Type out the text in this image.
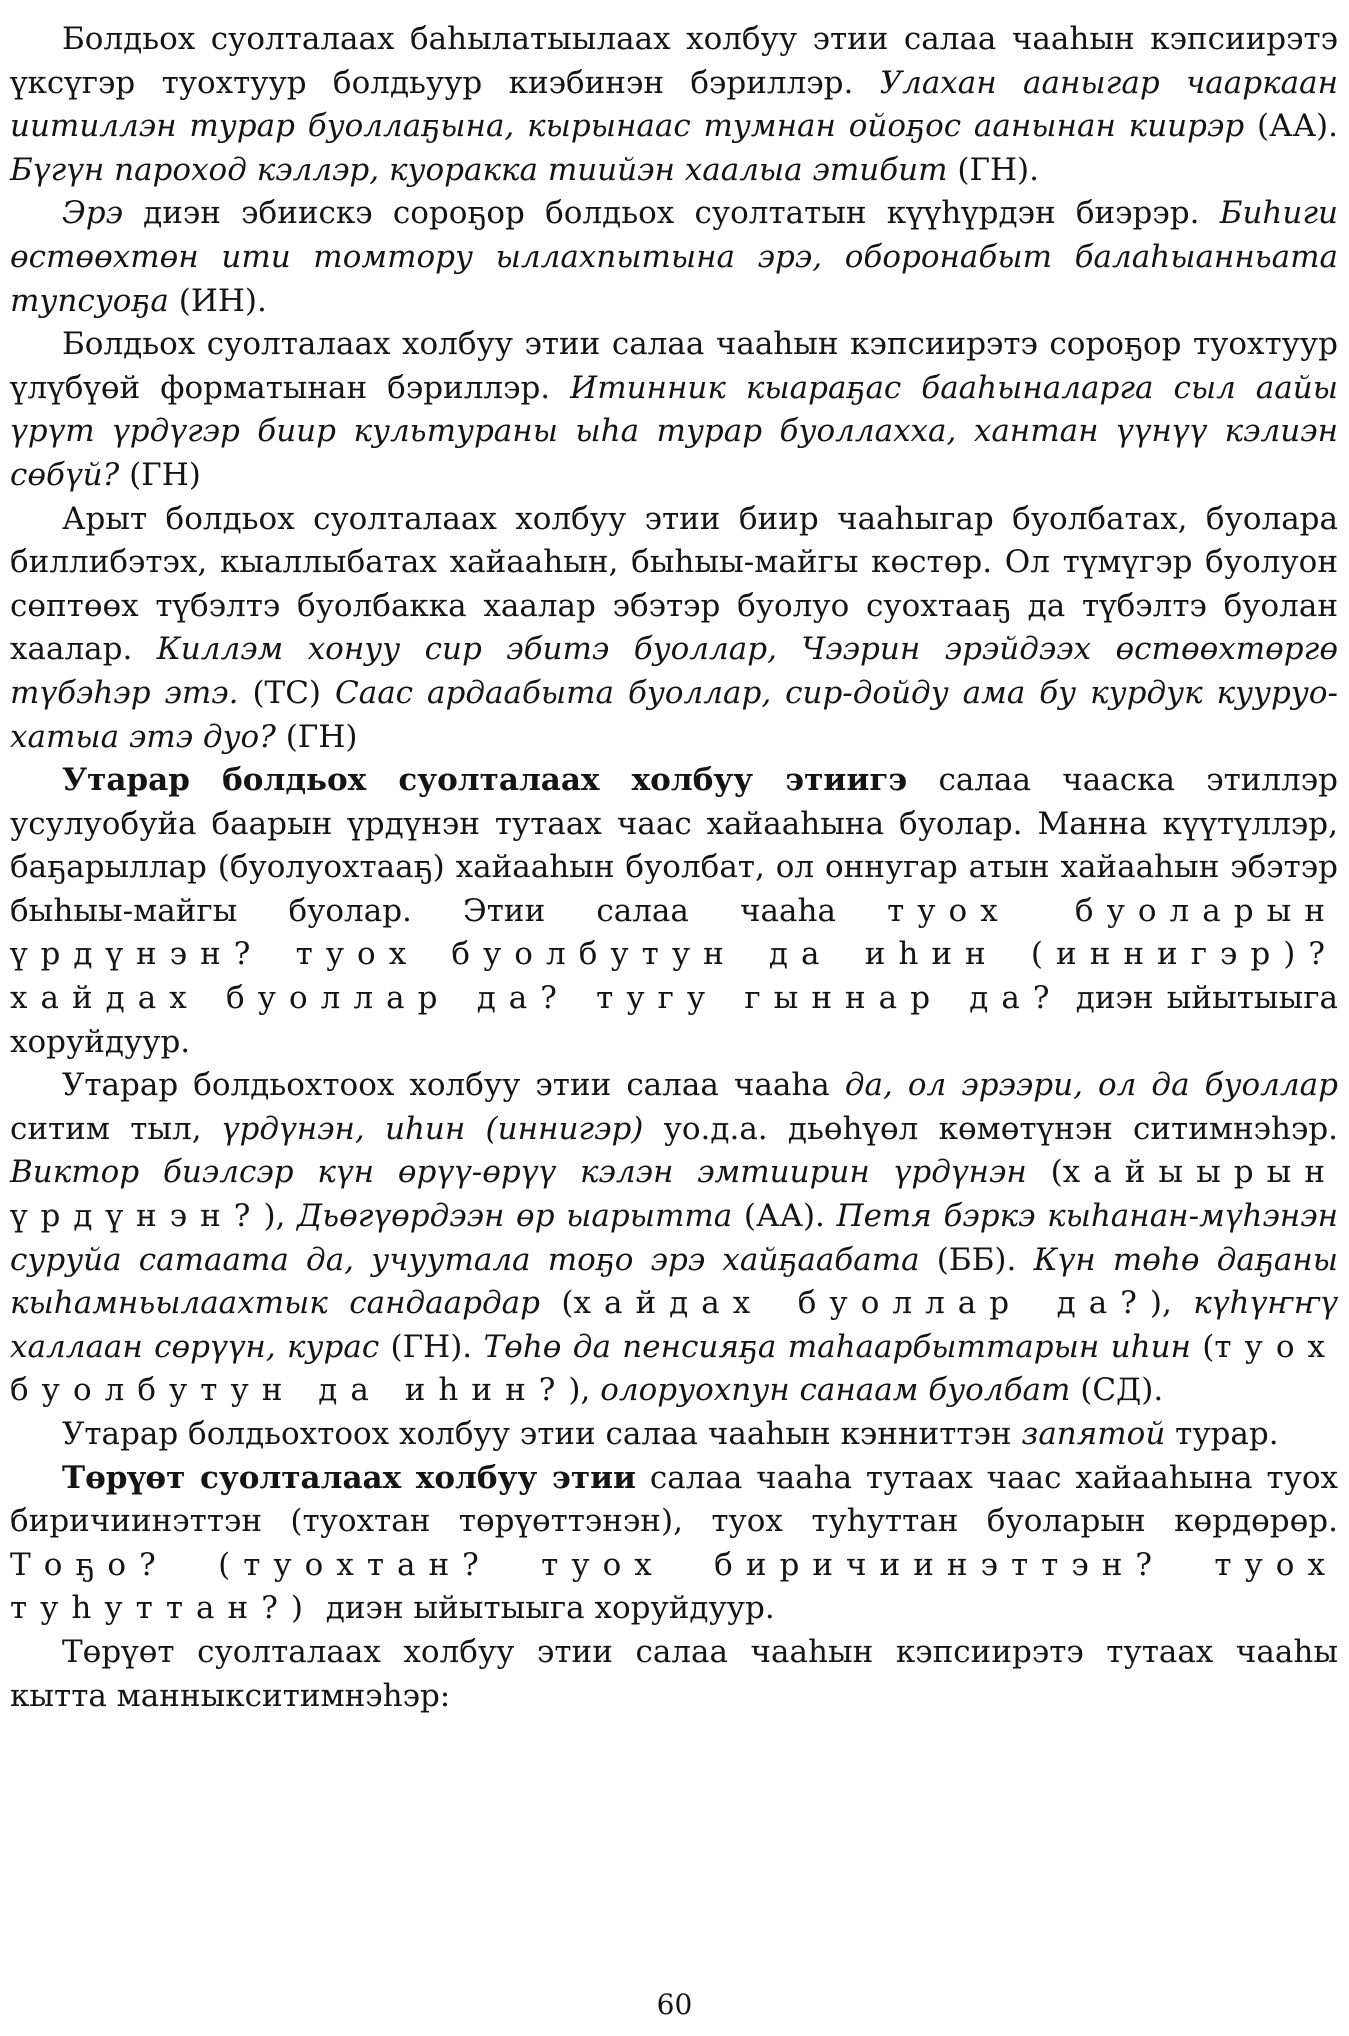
Болдьох суолталаах баһылатыылаах холбуу этии салаа чааһын кэпсиирэтэ үксүгэр туохтуур болдьуур киэбинэн бэриллэр. Улахан ааныгар чааркаан иитиллэн турар буоллаҕына, кырынаас тумнан ойоҕос аанынан киирэр (АА). Бүгүн пароход кэллэр, куоракка тиийэн хаалыа этибит (ГН).

Эрэ диэн эбиискэ сороҕор болдьох суолтатын күүһүрдэн биэрэр. Биһиги өстөөхтөн ити томтору ыллахпытына эрэ, оборонабыт балаһыанньата тупсуоҕа (ИН).

Болдьох суолталаах холбуу этии салаа чааһын кэпсиирэтэ сороҕор туохтуур үлүбүөй форматынан бэриллэр. Итинник кыараҕас бааһыналарга сыл аайы үрүт үрдүгэр биир культураны ыһа турар буоллахха, хантан үүнүү кэлиэн сөбүй? (ГН)

Арыт болдьох суолталаах холбуу этии биир чааһыгар буолбатах, буолара биллибэтэх, кыаллыбатах хайааһын, быһыы-майгы көстөр. Ол түмүгэр буолуон сөптөөх түбэлтэ буолбакка хаалар эбэтэр буолуо суохтааҕ да түбэлтэ буолан хаалар. Киллэм хонуу сир эбитэ буоллар, Чээрин эрэйдээх өстөөхтөргө түбэһэр этэ. (ТС) Саас ардаабыта буоллар, сир-дойду ама бу курдук кууруо-хатыа этэ дуо? (ГН)

Утарар болдьох суолталаах холбуу этиигэ салаа чааска этиллэр усулуобуйа баарын үрдүнэн тутаах чаас хайааһына буолар. Манна күүтүллэр, баҕарыллар (буолуохтааҕ) хайааһын буолбат, ол оннугар атын хайааһын эбэтэр быһыы-майгы буолар. Этии салаа чааһа туох буоларын үрдүнэн? туох буолбутун да иһин (иннигэр)? хайдах буоллар да? тугу гыннар да? диэн ыйытыыга хоруйдуур.

Утарар болдьохтоох холбуу этии салаа чааһа да, ол эрээри, ол да буоллар ситим тыл, үрдүнэн, иһин (иннигэр) уо.д.а. дьөһүөл көмөтүнэн ситимнэһэр. Виктор биэлсэр күн өрүү-өрүү кэлэн эмтиирин үрдүнэн (хайыырын үрдүнэн?), Дьөгүөрдээн өр ыарытта (АА). Петя бэркэ кыһанан-мүһэнэн суруйа сатаата да, учуутала тоҕо эрэ хайҕаабата (ББ). Күн төһө даҕаны кыһамньылаахтык сандаардар (хайдах буоллар да?), күһүҥҥү халлаан сөрүүн, курас (ГН). Төһө да пенсияҕа таһаарбыттарын иһин (туох буолбутун да иһин?), олоруохпун санаам буолбат (СД).

Утарар болдьохтоох холбуу этии салаа чааһын кэнниттэн запятой турар.

Төрүөт суолталаах холбуу этии салаа чааһа тутаах чаас хайааһына туох биричиинэттэн (туохтан төрүөттэнэн), туох туһуттан буоларын көрдөрөр. Тоҕо? (туохтан? туох биричиинэттэн? туох туһуттан?) диэн ыйытыыга хоруйдуур.

Төрүөт суолталаах холбуу этии салаа чааһын кэпсиирэтэ тутаах чааһы кытта манныкситимнэһэр:

60
